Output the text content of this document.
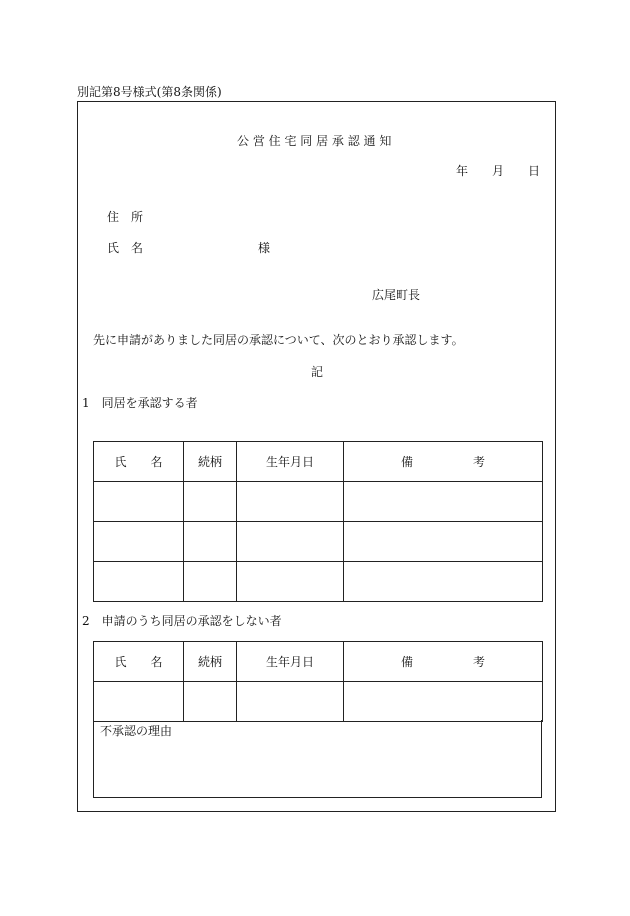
別記第8号様式(第8条関係)
公 営 住 宅 同 居 承 認 通 知
年 月 日
住　所
氏　名	様
広尾町長
先に申請がありました同居の承認について、次のとおり承認します。
記
1　同居を承認する者
氏　　名	続柄	生年月日	備　　　　　考

2　申請のうち同居の承認をしない者
氏　　名	続柄	生年月日	備　　　　　考

不承認の理由
